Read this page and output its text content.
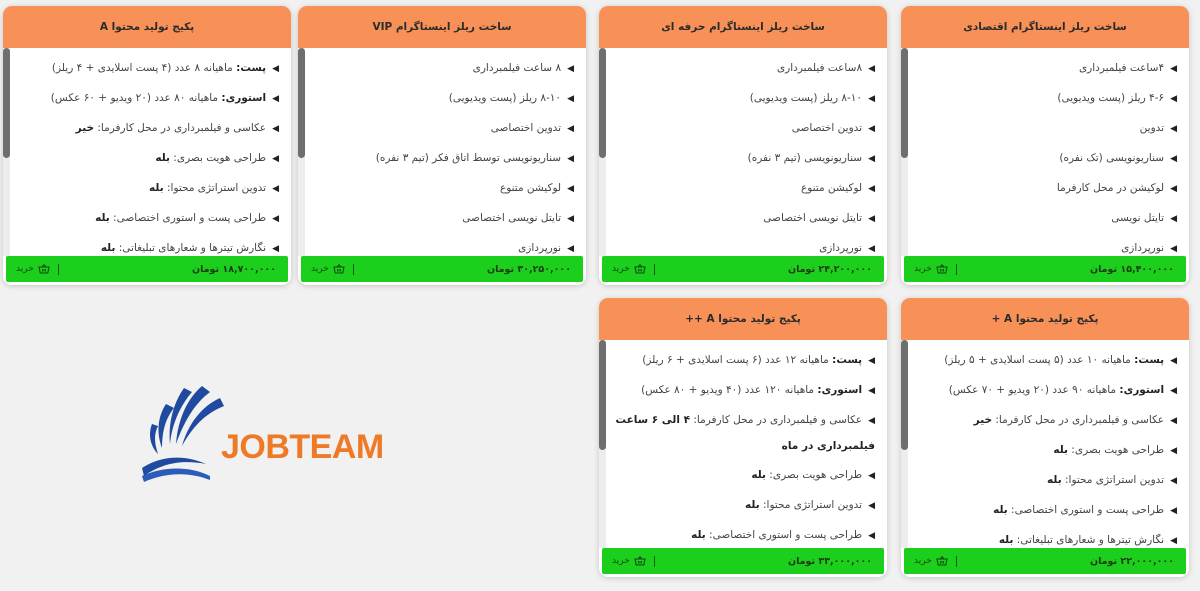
پکیج تولید محتوا A
◀پست: ماهیانه ۸ عدد (۴ پست اسلایدی + ۴ ریلز)
◀استوری: ماهیانه ۸۰ عدد (۲۰ ویدیو + ۶۰ عکس)
◀عکاسی و فیلمبرداری در محل کارفرما: خیر
◀طراحی هویت بصری: بله
◀تدوین استراتژی محتوا: بله
◀طراحی پست و استوری اختصاصی: بله
◀نگارش تیترها و شعارهای تبلیغاتی: بله
۱۸,۷۰۰,۰۰۰ تومان
خرید
ساخت ریلز اینستاگرام VIP
◀۸ ساعت فیلمبرداری
◀۸-۱۰ ریلز (پست ویدیویی)
◀تدوین اختصاصی
◀سناریونویسی توسط اتاق فکر (تیم ۳ نفره)
◀لوکیشن متنوع
◀تایتل نویسی اختصاصی
◀نورپردازی
۳۰,۲۵۰,۰۰۰ تومان
خرید
ساخت ریلز اینستاگرام حرفه ای
◀۸ساعت فیلمبرداری
◀۸-۱۰ ریلز (پست ویدیویی)
◀تدوین اختصاصی
◀سناریونویسی (تیم ۳ نفره)
◀لوکیشن متنوع
◀تایتل نویسی اختصاصی
◀نورپردازی
۲۴,۲۰۰,۰۰۰ تومان
خرید
ساخت ریلز اینستاگرام اقتصادی
◀۴ساعت فیلمبرداری
◀۴-۶ ریلز (پست ویدیویی)
◀تدوین
◀سناریونویسی (تک نفره)
◀لوکیشن در محل کارفرما
◀تایتل نویسی
◀نورپردازی
۱۵,۴۰۰,۰۰۰ تومان
خرید
پکیج تولید محتوا A ++
◀پست: ماهیانه ۱۲ عدد (۶ پست اسلایدی + ۶ ریلز)
◀استوری: ماهیانه ۱۲۰ عدد (۴۰ ویدیو + ۸۰ عکس)
◀عکاسی و فیلمبرداری در محل کارفرما: ۴ الی ۶ ساعت فیلمبرداری در ماه
◀طراحی هویت بصری: بله
◀تدوین استراتژی محتوا: بله
◀طراحی پست و استوری اختصاصی: بله
۳۳,۰۰۰,۰۰۰ تومان
خرید
پکیج تولید محتوا A +
◀پست: ماهیانه ۱۰ عدد (۵ پست اسلایدی + ۵ ریلز)
◀استوری: ماهیانه ۹۰ عدد (۲۰ ویدیو + ۷۰ عکس)
◀عکاسی و فیلمبرداری در محل کارفرما: خیر
◀طراحی هویت بصری: بله
◀تدوین استراتژی محتوا: بله
◀طراحی پست و استوری اختصاصی: بله
◀نگارش تیترها و شعارهای تبلیغاتی: بله
۲۲,۰۰۰,۰۰۰ تومان
خرید
JOBTEAM
